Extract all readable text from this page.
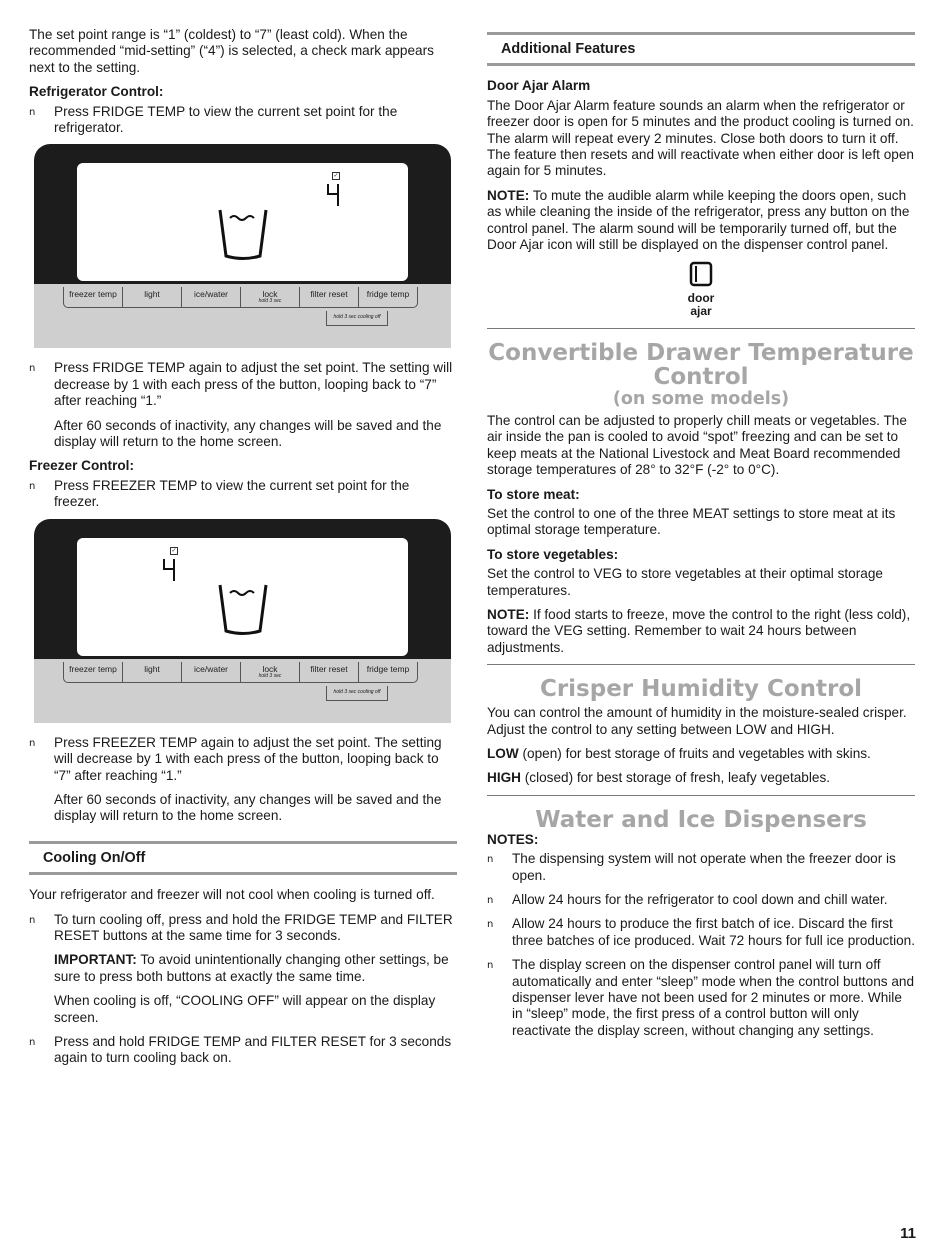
The set point range is “1” (coldest) to “7” (least cold). When the recommended “mid-setting” (“4”) is selected, a check mark appears next to the setting.

Refrigerator Control:

n Press FRIDGE TEMP to view the current set point for the refrigerator.
✓
freezer temp	light	ice/water	lock
hold 3 sec
filter reset	fridge temp
hold 3 sec cooling off
n Press FRIDGE TEMP again to adjust the set point. The setting will decrease by 1 with each press of the button, looping back to “7” after reaching “1.”

After 60 seconds of inactivity, any changes will be saved and the display will return to the home screen.

Freezer Control:

n Press FREEZER TEMP to view the current set point for the freezer.
✓
freezer temp	light	ice/water	lock
hold 3 sec
filter reset	fridge temp
hold 3 sec cooling off
n Press FREEZER TEMP again to adjust the set point. The setting will decrease by 1 with each press of the button, looping back to “7” after reaching “1.”

After 60 seconds of inactivity, any changes will be saved and the display will return to the home screen.

Cooling On/Off

Your refrigerator and freezer will not cool when cooling is turned off.

n To turn cooling off, press and hold the FRIDGE TEMP and FILTER RESET buttons at the same time for 3 seconds.

IMPORTANT: To avoid unintentionally changing other settings, be sure to press both buttons at exactly the same time.

When cooling is off, “COOLING OFF” will appear on the display screen.

n Press and hold FRIDGE TEMP and FILTER RESET for 3 seconds again to turn cooling back on.
Additional Features

Door Ajar Alarm

The Door Ajar Alarm feature sounds an alarm when the refrigerator or freezer door is open for 5 minutes and the product cooling is turned on. The alarm will repeat every 2 minutes. Close both doors to turn it off. The feature then resets and will reactivate when either door is left open again for 5 minutes.

NOTE: To mute the audible alarm while keeping the doors open, such as while cleaning the inside of the refrigerator, press any button on the control panel. The alarm sound will be temporarily turned off, but the Door Ajar icon will still be displayed on the dispenser control panel.

door
ajar

Convertible Drawer Temperature Control

(on some models)

The control can be adjusted to properly chill meats or vegetables. The air inside the pan is cooled to avoid “spot” freezing and can be set to keep meats at the National Livestock and Meat Board recommended storage temperatures of 28° to 32°F (-2° to 0°C).

To store meat:

Set the control to one of the three MEAT settings to store meat at its optimal storage temperature.

To store vegetables:

Set the control to VEG to store vegetables at their optimal storage temperatures.

NOTE: If food starts to freeze, move the control to the right (less cold), toward the VEG setting. Remember to wait 24 hours between adjustments.

Crisper Humidity Control

You can control the amount of humidity in the moisture-sealed crisper. Adjust the control to any setting between LOW and HIGH.

LOW (open) for best storage of fruits and vegetables with skins.

HIGH (closed) for best storage of fresh, leafy vegetables.

Water and Ice Dispensers

NOTES:

n The dispensing system will not operate when the freezer door is open.
n Allow 24 hours for the refrigerator to cool down and chill water.
n Allow 24 hours to produce the first batch of ice. Discard the first three batches of ice produced. Wait 72 hours for full ice production.
n The display screen on the dispenser control panel will turn off automatically and enter “sleep” mode when the control buttons and dispenser lever have not been used for 2 minutes or more. While in “sleep” mode, the first press of a control button will only reactivate the display screen, without changing any settings.
11
